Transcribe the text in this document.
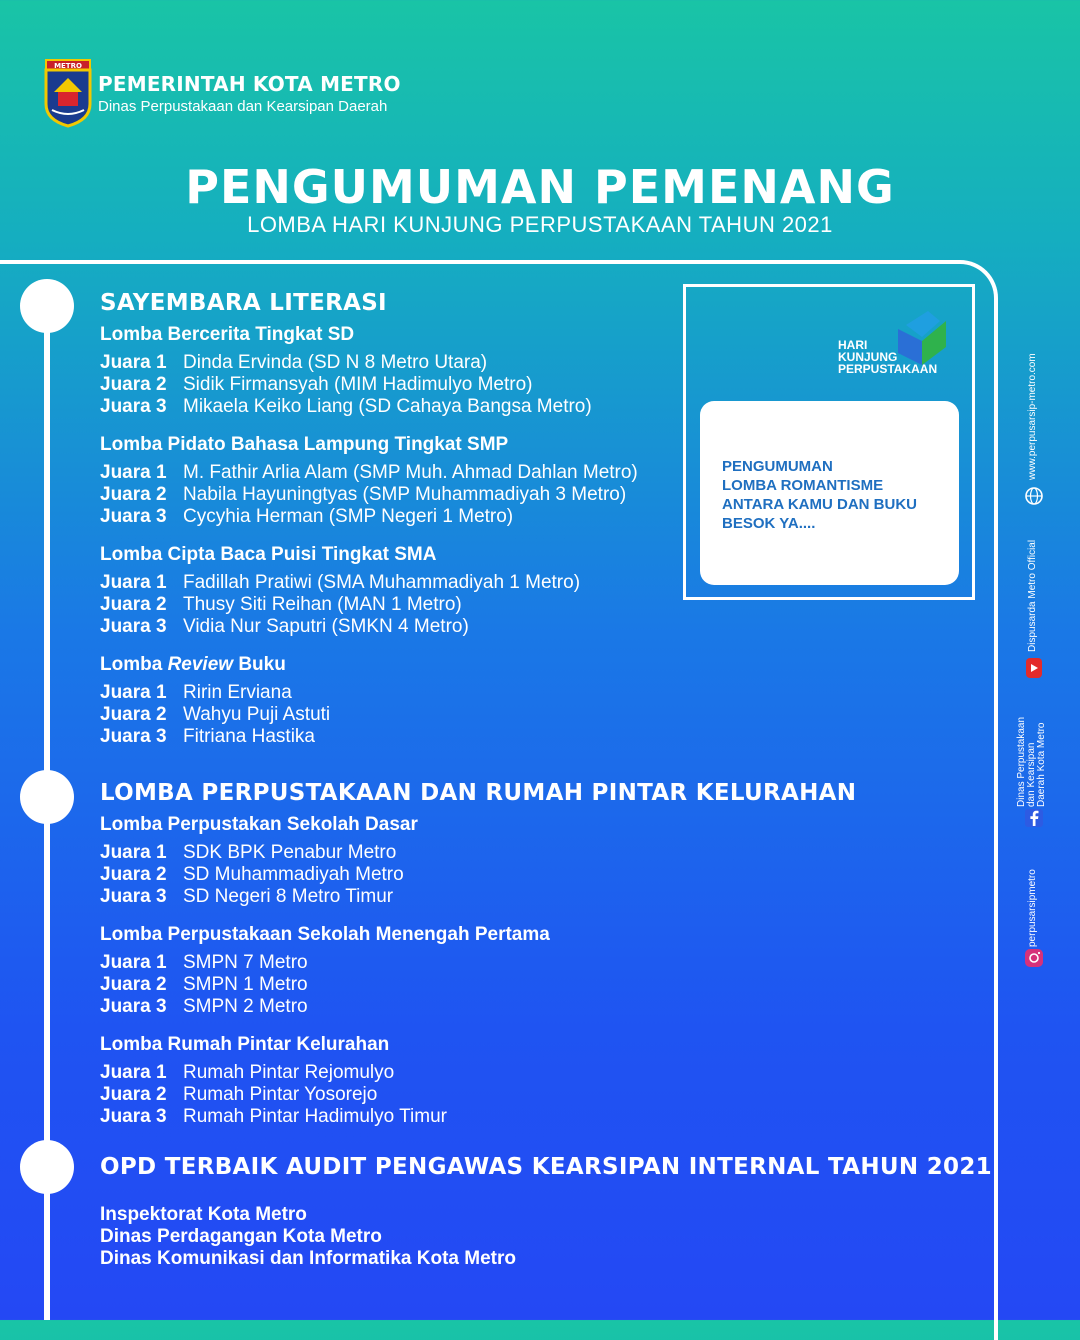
METRO
PEMERINTAH KOTA METRO
Dinas Perpustakaan dan Kearsipan Daerah
PENGUMUMAN PEMENANG
LOMBA HARI KUNJUNG PERPUSTAKAAN TAHUN 2021
SAYEMBARA LITERASI
Lomba Bercerita Tingkat SD
Juara 1 Dinda Ervinda (SD N 8 Metro Utara)
Juara 2 Sidik Firmansyah (MIM Hadimulyo Metro)
Juara 3 Mikaela Keiko Liang (SD Cahaya Bangsa Metro)
Lomba Pidato Bahasa Lampung Tingkat SMP
Juara 1 M. Fathir Arlia Alam (SMP Muh. Ahmad Dahlan Metro)
Juara 2 Nabila Hayuningtyas (SMP Muhammadiyah 3 Metro)
Juara 3 Cycyhia Herman (SMP Negeri 1 Metro)
Lomba Cipta Baca Puisi Tingkat SMA
Juara 1 Fadillah Pratiwi (SMA Muhammadiyah 1 Metro)
Juara 2 Thusy Siti Reihan (MAN 1 Metro)
Juara 3 Vidia Nur Saputri (SMKN 4 Metro)
Lomba Review Buku
Juara 1 Ririn Erviana
Juara 2 Wahyu Puji Astuti
Juara 3 Fitriana Hastika
LOMBA PERPUSTAKAAN DAN RUMAH PINTAR KELURAHAN
Lomba Perpustakan Sekolah Dasar
Juara 1 SDK BPK Penabur Metro
Juara 2 SD Muhammadiyah Metro
Juara 3 SD Negeri 8 Metro Timur
Lomba Perpustakaan Sekolah Menengah Pertama
Juara 1 SMPN 7 Metro
Juara 2 SMPN 1 Metro
Juara 3 SMPN 2 Metro
Lomba Rumah Pintar Kelurahan
Juara 1 Rumah Pintar Rejomulyo
Juara 2 Rumah Pintar Yosorejo
Juara 3 Rumah Pintar Hadimulyo Timur
OPD TERBAIK AUDIT PENGAWAS KEARSIPAN INTERNAL TAHUN 2021
Inspektorat Kota Metro
Dinas Perdagangan Kota Metro
Dinas Komunikasi dan Informatika Kota Metro
HARI
KUNJUNG
PERPUSTAKAAN
PENGUMUMAN
LOMBA ROMANTISME
ANTARA KAMU DAN BUKU
BESOK YA....
www.perpusarsip-metro.com
Dispusarda Metro Official
Dinas Perpustakaan dan Kearsipan Daerah Kota Metro
perpusarsipmetro
